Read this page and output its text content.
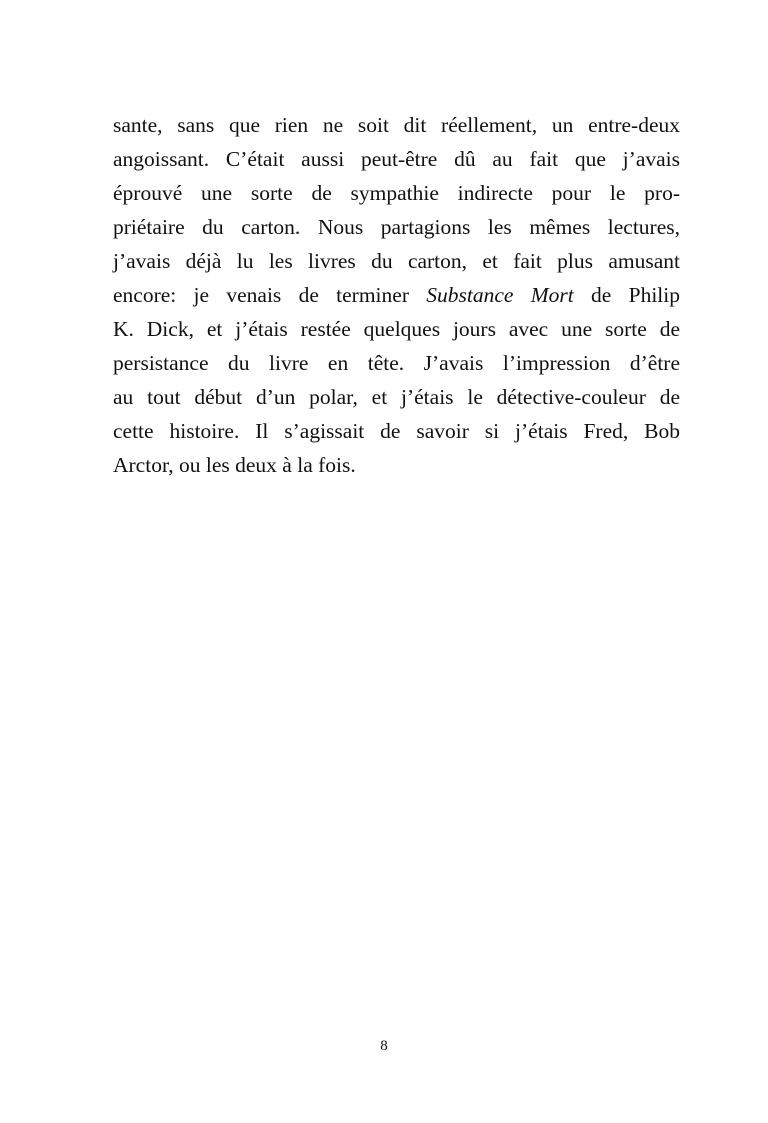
sante, sans que rien ne soit dit réellement, un entre-deux
angoissant. C’était aussi peut-être dû au fait que j’avais
éprouvé une sorte de sympathie indirecte pour le pro-
priétaire du carton. Nous partagions les mêmes lectures,
j’avais déjà lu les livres du carton, et fait plus amusant
encore: je venais de terminer Substance Mort de Philip
K. Dick, et j’étais restée quelques jours avec une sorte de
persistance du livre en tête. J’avais l’impression d’être
au tout début d’un polar, et j’étais le détective-couleur de
cette histoire. Il s’agissait de savoir si j’étais Fred, Bob
Arctor, ou les deux à la fois.
8
